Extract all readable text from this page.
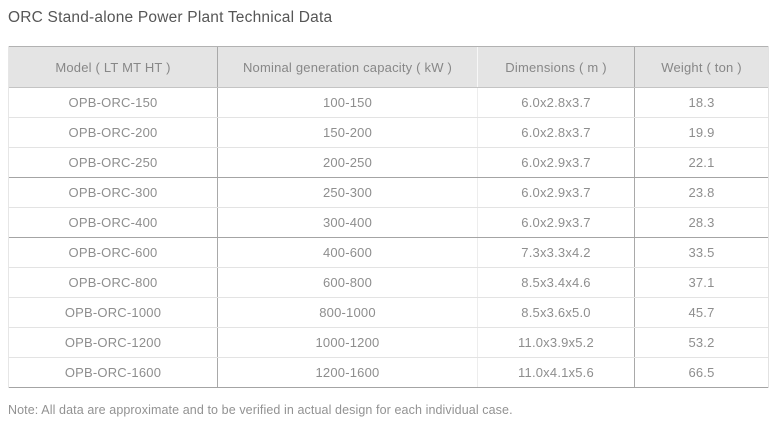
ORC Stand-alone Power Plant Technical Data
Model ( LT MT HT )	Nominal generation capacity ( kW )	Dimensions ( m )	Weight ( ton )
OPB-ORC-150	100-150	6.0x2.8x3.7	18.3
OPB-ORC-200	150-200	6.0x2.8x3.7	19.9
OPB-ORC-250	200-250	6.0x2.9x3.7	22.1
OPB-ORC-300	250-300	6.0x2.9x3.7	23.8
OPB-ORC-400	300-400	6.0x2.9x3.7	28.3
OPB-ORC-600	400-600	7.3x3.3x4.2	33.5
OPB-ORC-800	600-800	8.5x3.4x4.6	37.1
OPB-ORC-1000	800-1000	8.5x3.6x5.0	45.7
OPB-ORC-1200	1000-1200	11.0x3.9x5.2	53.2
OPB-ORC-1600	1200-1600	11.0x4.1x5.6	66.5
Note: All data are approximate and to be verified in actual design for each individual case.
